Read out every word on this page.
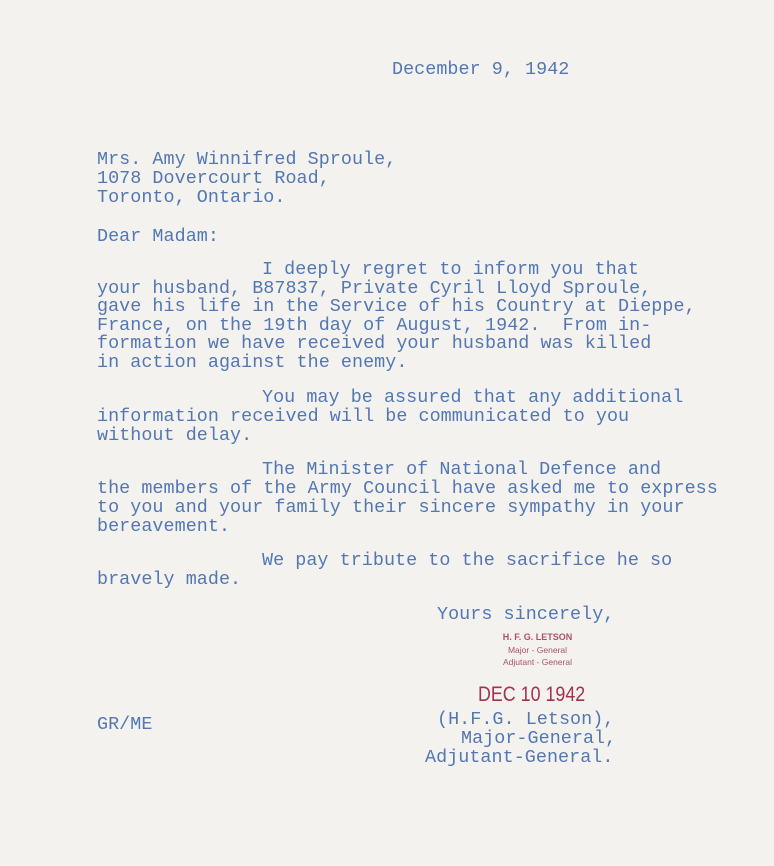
December 9, 1942
Mrs. Amy Winnifred Sproule,
1078 Dovercourt Road,
Toronto, Ontario.
Dear Madam:
I deeply regret to inform you that
your husband, B87837, Private Cyril Lloyd Sproule,
gave his life in the Service of his Country at Dieppe,
France, on the 19th day of August, 1942.  From in-
formation we have received your husband was killed
in action against the enemy.
You may be assured that any additional
information received will be communicated to you
without delay.
The Minister of National Defence and
the members of the Army Council have asked me to express
to you and your family their sincere sympathy in your
bereavement.
We pay tribute to the sacrifice he so
bravely made.
Yours sincerely,
H. F. G. LETSON
Major - General
Adjutant - General
DEC 10 1942
GR/ME	(H.F.G. Letson),
Major-General,
Adjutant-General.
